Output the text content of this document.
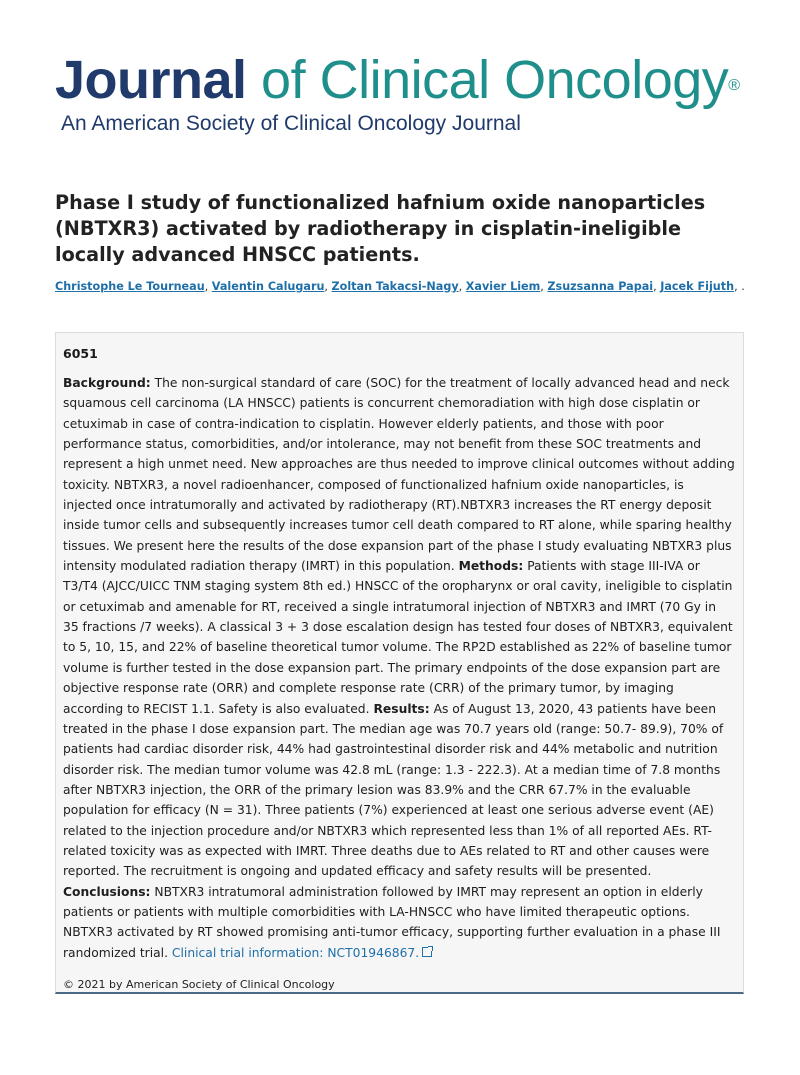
Journal of Clinical Oncology®
An American Society of Clinical Oncology Journal
Phase I study of functionalized hafnium oxide nanoparticles (NBTXR3) activated by radiotherapy in cisplatin-ineligible locally advanced HNSCC patients.
Christophe Le Tourneau, Valentin Calugaru, Zoltan Takacsi-Nagy, Xavier Liem, Zsuzsanna Papai, Jacek Fijuth, .
6051
Background: The non-surgical standard of care (SOC) for the treatment of locally advanced head and neck squamous cell carcinoma (LA HNSCC) patients is concurrent chemoradiation with high dose cisplatin or cetuximab in case of contra-indication to cisplatin. However elderly patients, and those with poor performance status, comorbidities, and/or intolerance, may not benefit from these SOC treatments and represent a high unmet need. New approaches are thus needed to improve clinical outcomes without adding toxicity. NBTXR3, a novel radioenhancer, composed of functionalized hafnium oxide nanoparticles, is injected once intratumorally and activated by radiotherapy (RT).NBTXR3 increases the RT energy deposit inside tumor cells and subsequently increases tumor cell death compared to RT alone, while sparing healthy tissues. We present here the results of the dose expansion part of the phase I study evaluating NBTXR3 plus intensity modulated radiation therapy (IMRT) in this population. Methods: Patients with stage III-IVA or T3/T4 (AJCC/UICC TNM staging system 8th ed.) HNSCC of the oropharynx or oral cavity, ineligible to cisplatin or cetuximab and amenable for RT, received a single intratumoral injection of NBTXR3 and IMRT (70 Gy in 35 fractions /7 weeks). A classical 3 + 3 dose escalation design has tested four doses of NBTXR3, equivalent to 5, 10, 15, and 22% of baseline theoretical tumor volume. The RP2D established as 22% of baseline tumor volume is further tested in the dose expansion part. The primary endpoints of the dose expansion part are objective response rate (ORR) and complete response rate (CRR) of the primary tumor, by imaging according to RECIST 1.1. Safety is also evaluated. Results: As of August 13, 2020, 43 patients have been treated in the phase I dose expansion part. The median age was 70.7 years old (range: 50.7- 89.9), 70% of patients had cardiac disorder risk, 44% had gastrointestinal disorder risk and 44% metabolic and nutrition disorder risk. The median tumor volume was 42.8 mL (range: 1.3 - 222.3). At a median time of 7.8 months after NBTXR3 injection, the ORR of the primary lesion was 83.9% and the CRR 67.7% in the evaluable population for efficacy (N = 31). Three patients (7%) experienced at least one serious adverse event (AE) related to the injection procedure and/or NBTXR3 which represented less than 1% of all reported AEs. RT-related toxicity was as expected with IMRT. Three deaths due to AEs related to RT and other causes were reported. The recruitment is ongoing and updated efficacy and safety results will be presented. Conclusions: NBTXR3 intratumoral administration followed by IMRT may represent an option in elderly patients or patients with multiple comorbidities with LA-HNSCC who have limited therapeutic options. NBTXR3 activated by RT showed promising anti-tumor efficacy, supporting further evaluation in a phase III randomized trial. Clinical trial information: NCT01946867.
© 2021 by American Society of Clinical Oncology
